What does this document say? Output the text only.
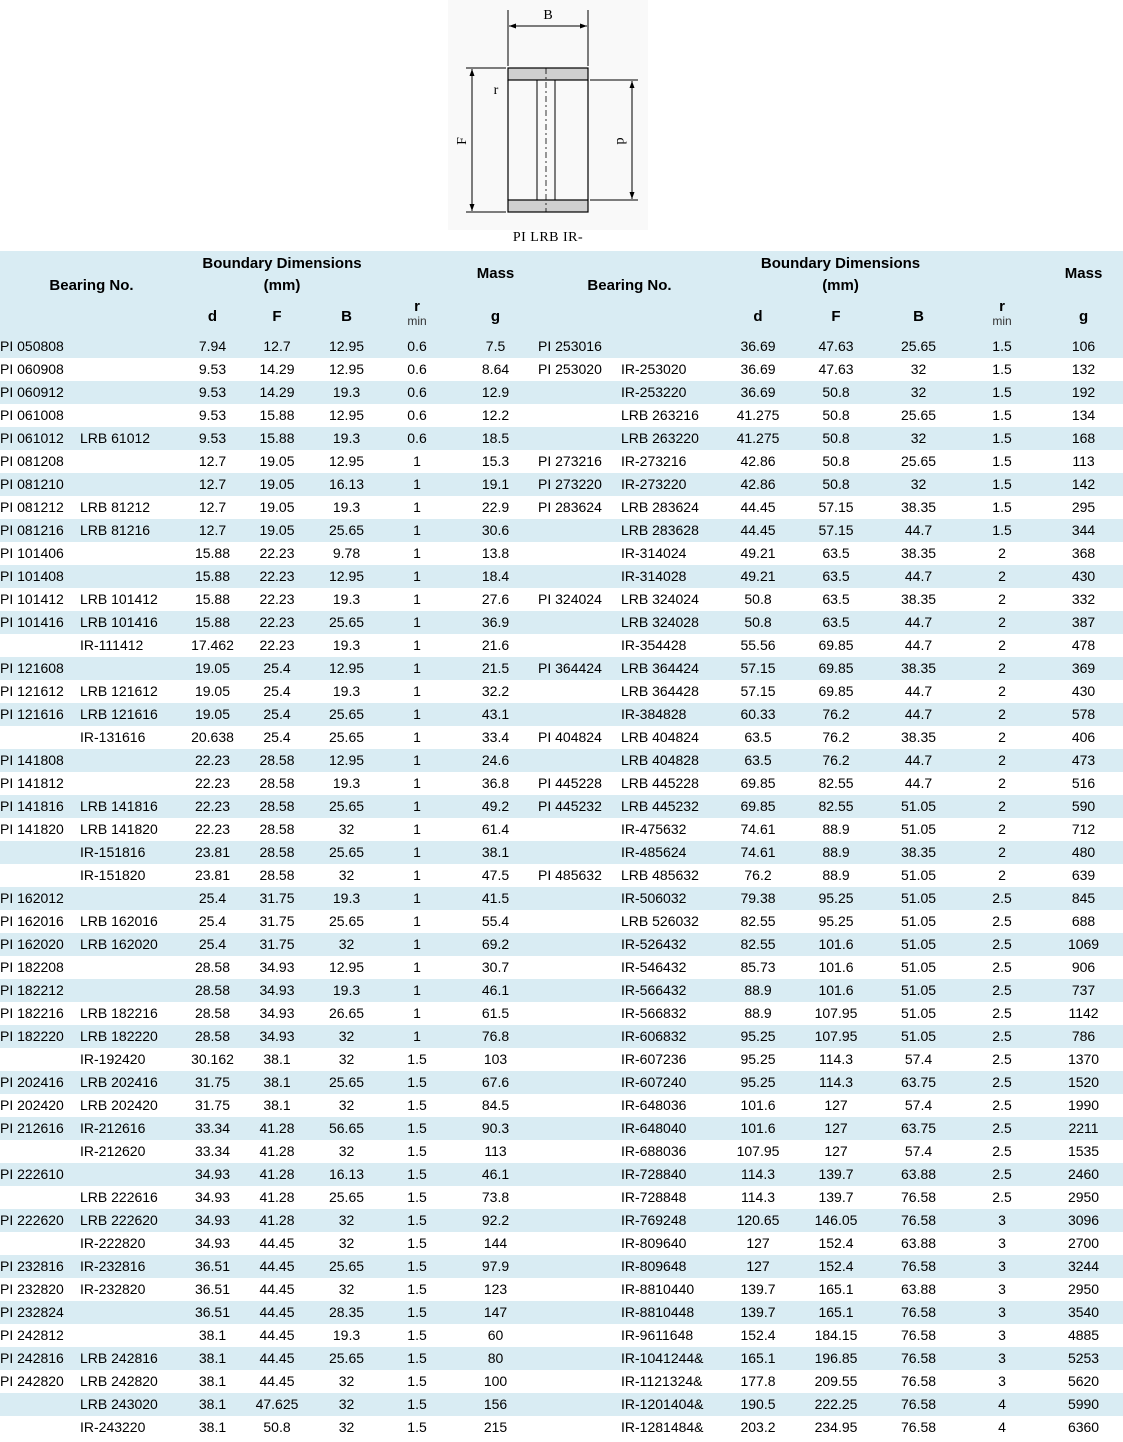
B
F
r
d
PI LRB IR-
Bearing No.		Boundary Dimensions				Mass	Bearing No.		Boundary Dimensions				Mass
		(mm)							(mm)				
		d	F	B	r
min	g			d	F	B	r
min	g
PI 050808		7.94	12.7	12.95	0.6	7.5	PI 253016		36.69	47.63	25.65	1.5	106
PI 060908		9.53	14.29	12.95	0.6	8.64	PI 253020	IR-253020	36.69	47.63	32	1.5	132
PI 060912		9.53	14.29	19.3	0.6	12.9		IR-253220	36.69	50.8	32	1.5	192
PI 061008		9.53	15.88	12.95	0.6	12.2		LRB 263216	41.275	50.8	25.65	1.5	134
PI 061012	LRB 61012	9.53	15.88	19.3	0.6	18.5		LRB 263220	41.275	50.8	32	1.5	168
PI 081208		12.7	19.05	12.95	1	15.3	PI 273216	IR-273216	42.86	50.8	25.65	1.5	113
PI 081210		12.7	19.05	16.13	1	19.1	PI 273220	IR-273220	42.86	50.8	32	1.5	142
PI 081212	LRB 81212	12.7	19.05	19.3	1	22.9	PI 283624	LRB 283624	44.45	57.15	38.35	1.5	295
PI 081216	LRB 81216	12.7	19.05	25.65	1	30.6		LRB 283628	44.45	57.15	44.7	1.5	344
PI 101406		15.88	22.23	9.78	1	13.8		IR-314024	49.21	63.5	38.35	2	368
PI 101408		15.88	22.23	12.95	1	18.4		IR-314028	49.21	63.5	44.7	2	430
PI 101412	LRB 101412	15.88	22.23	19.3	1	27.6	PI 324024	LRB 324024	50.8	63.5	38.35	2	332
PI 101416	LRB 101416	15.88	22.23	25.65	1	36.9		LRB 324028	50.8	63.5	44.7	2	387
	IR-111412	17.462	22.23	19.3	1	21.6		IR-354428	55.56	69.85	44.7	2	478
PI 121608		19.05	25.4	12.95	1	21.5	PI 364424	LRB 364424	57.15	69.85	38.35	2	369
PI 121612	LRB 121612	19.05	25.4	19.3	1	32.2		LRB 364428	57.15	69.85	44.7	2	430
PI 121616	LRB 121616	19.05	25.4	25.65	1	43.1		IR-384828	60.33	76.2	44.7	2	578
	IR-131616	20.638	25.4	25.65	1	33.4	PI 404824	LRB 404824	63.5	76.2	38.35	2	406
PI 141808		22.23	28.58	12.95	1	24.6		LRB 404828	63.5	76.2	44.7	2	473
PI 141812		22.23	28.58	19.3	1	36.8	PI 445228	LRB 445228	69.85	82.55	44.7	2	516
PI 141816	LRB 141816	22.23	28.58	25.65	1	49.2	PI 445232	LRB 445232	69.85	82.55	51.05	2	590
PI 141820	LRB 141820	22.23	28.58	32	1	61.4		IR-475632	74.61	88.9	51.05	2	712
	IR-151816	23.81	28.58	25.65	1	38.1		IR-485624	74.61	88.9	38.35	2	480
	IR-151820	23.81	28.58	32	1	47.5	PI 485632	LRB 485632	76.2	88.9	51.05	2	639
PI 162012		25.4	31.75	19.3	1	41.5		IR-506032	79.38	95.25	51.05	2.5	845
PI 162016	LRB 162016	25.4	31.75	25.65	1	55.4		LRB 526032	82.55	95.25	51.05	2.5	688
PI 162020	LRB 162020	25.4	31.75	32	1	69.2		IR-526432	82.55	101.6	51.05	2.5	1069
PI 182208		28.58	34.93	12.95	1	30.7		IR-546432	85.73	101.6	51.05	2.5	906
PI 182212		28.58	34.93	19.3	1	46.1		IR-566432	88.9	101.6	51.05	2.5	737
PI 182216	LRB 182216	28.58	34.93	26.65	1	61.5		IR-566832	88.9	107.95	51.05	2.5	1142
PI 182220	LRB 182220	28.58	34.93	32	1	76.8		IR-606832	95.25	107.95	51.05	2.5	786
	IR-192420	30.162	38.1	32	1.5	103		IR-607236	95.25	114.3	57.4	2.5	1370
PI 202416	LRB 202416	31.75	38.1	25.65	1.5	67.6		IR-607240	95.25	114.3	63.75	2.5	1520
PI 202420	LRB 202420	31.75	38.1	32	1.5	84.5		IR-648036	101.6	127	57.4	2.5	1990
PI 212616	IR-212616	33.34	41.28	56.65	1.5	90.3		IR-648040	101.6	127	63.75	2.5	2211
	IR-212620	33.34	41.28	32	1.5	113		IR-688036	107.95	127	57.4	2.5	1535
PI 222610		34.93	41.28	16.13	1.5	46.1		IR-728840	114.3	139.7	63.88	2.5	2460
	LRB 222616	34.93	41.28	25.65	1.5	73.8		IR-728848	114.3	139.7	76.58	2.5	2950
PI 222620	LRB 222620	34.93	41.28	32	1.5	92.2		IR-769248	120.65	146.05	76.58	3	3096
	IR-222820	34.93	44.45	32	1.5	144		IR-809640	127	152.4	63.88	3	2700
PI 232816	IR-232816	36.51	44.45	25.65	1.5	97.9		IR-809648	127	152.4	76.58	3	3244
PI 232820	IR-232820	36.51	44.45	32	1.5	123		IR-8810440	139.7	165.1	63.88	3	2950
PI 232824		36.51	44.45	28.35	1.5	147		IR-8810448	139.7	165.1	76.58	3	3540
PI 242812		38.1	44.45	19.3	1.5	60		IR-9611648	152.4	184.15	76.58	3	4885
PI 242816	LRB 242816	38.1	44.45	25.65	1.5	80		IR-1041244&	165.1	196.85	76.58	3	5253
PI 242820	LRB 242820	38.1	44.45	32	1.5	100		IR-1121324&	177.8	209.55	76.58	3	5620
	LRB 243020	38.1	47.625	32	1.5	156		IR-1201404&	190.5	222.25	76.58	4	5990
	IR-243220	38.1	50.8	32	1.5	215		IR-1281484&	203.2	234.95	76.58	4	6360
